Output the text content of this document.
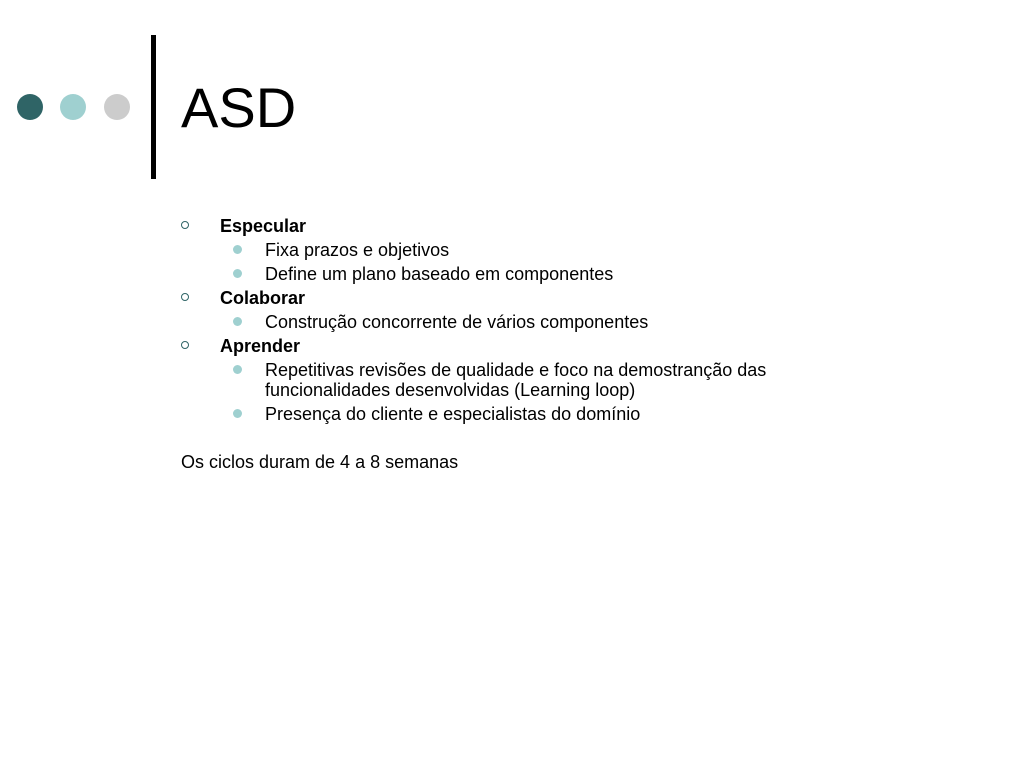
ASD
Especular
Fixa prazos e objetivos
Define um plano baseado em componentes
Colaborar
Construção concorrente de vários componentes
Aprender
Repetitivas revisões de qualidade e foco na demostranção das funcionalidades desenvolvidas (Learning loop)
Presença do cliente e especialistas do domínio
Os ciclos duram de 4 a 8 semanas
